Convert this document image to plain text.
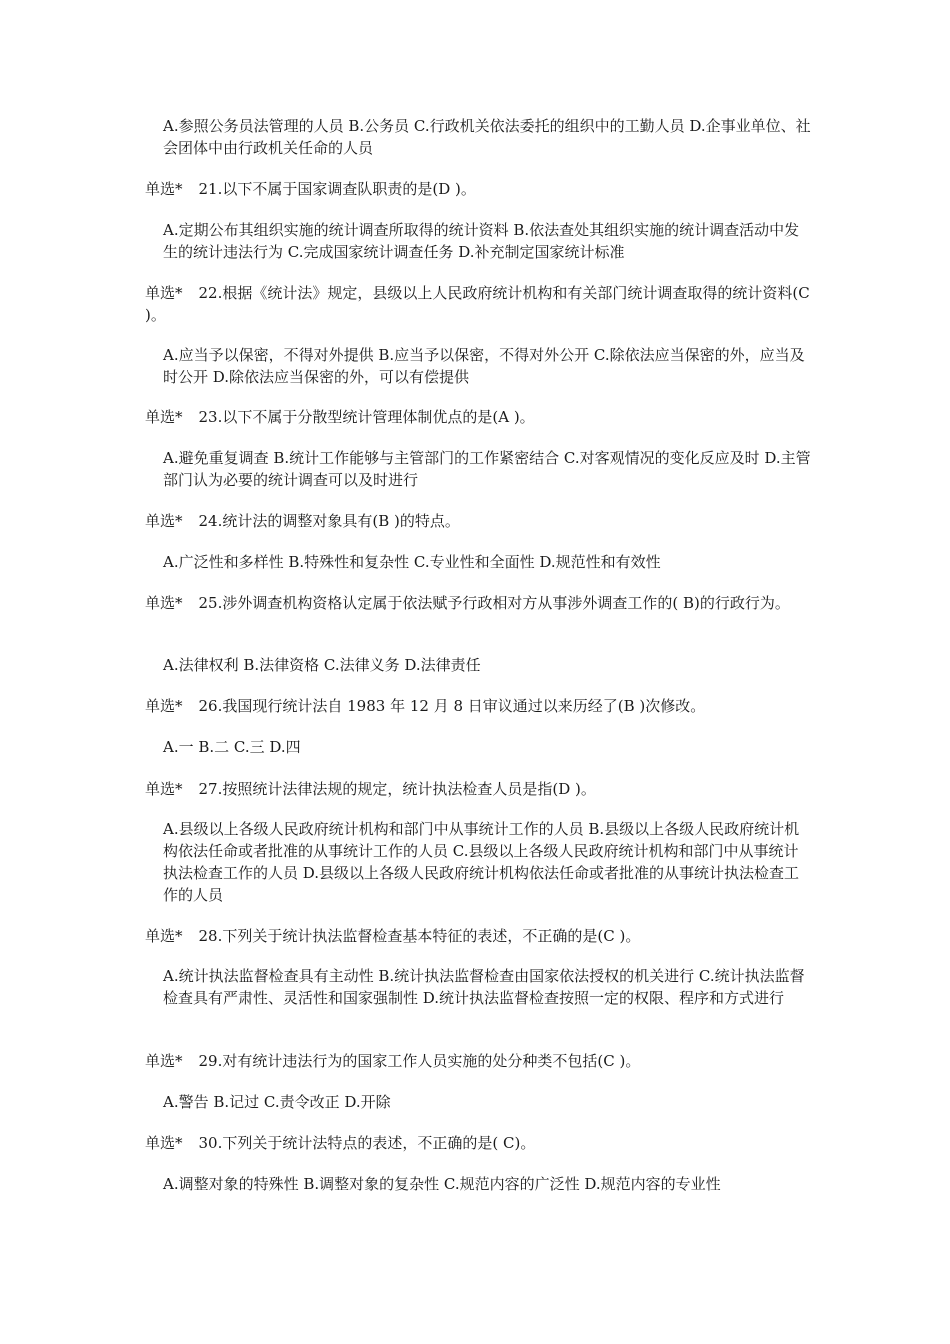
A.参照公务员法管理的人员 B.公务员 C.行政机关依法委托的组织中的工勤人员 D.企事业单位、社会团体中由行政机关任命的人员
单选* 21.以下不属于国家调查队职责的是(D )。
A.定期公布其组织实施的统计调查所取得的统计资料 B.依法查处其组织实施的统计调查活动中发生的统计违法行为 C.完成国家统计调查任务 D.补充制定国家统计标准
单选* 22.根据《统计法》规定，县级以上人民政府统计机构和有关部门统计调查取得的统计资料(C )。
A.应当予以保密，不得对外提供 B.应当予以保密，不得对外公开 C.除依法应当保密的外，应当及时公开 D.除依法应当保密的外，可以有偿提供
单选* 23.以下不属于分散型统计管理体制优点的是(A )。
A.避免重复调查 B.统计工作能够与主管部门的工作紧密结合 C.对客观情况的变化反应及时 D.主管部门认为必要的统计调查可以及时进行
单选* 24.统计法的调整对象具有(B )的特点。
A.广泛性和多样性 B.特殊性和复杂性 C.专业性和全面性 D.规范性和有效性
单选* 25.涉外调查机构资格认定属于依法赋予行政相对方从事涉外调查工作的( B)的行政行为。
A.法律权利 B.法律资格 C.法律义务 D.法律责任
单选* 26.我国现行统计法自 1983 年 12 月 8 日审议通过以来历经了(B )次修改。
A.一 B.二 C.三 D.四
单选* 27.按照统计法律法规的规定，统计执法检查人员是指(D )。
A.县级以上各级人民政府统计机构和部门中从事统计工作的人员 B.县级以上各级人民政府统计机构依法任命或者批准的从事统计工作的人员 C.县级以上各级人民政府统计机构和部门中从事统计执法检查工作的人员 D.县级以上各级人民政府统计机构依法任命或者批准的从事统计执法检查工作的人员
单选* 28.下列关于统计执法监督检查基本特征的表述，不正确的是(C )。
A.统计执法监督检查具有主动性 B.统计执法监督检查由国家依法授权的机关进行 C.统计执法监督检查具有严肃性、灵活性和国家强制性 D.统计执法监督检查按照一定的权限、程序和方式进行
单选* 29.对有统计违法行为的国家工作人员实施的处分种类不包括(C )。
A.警告 B.记过 C.责令改正 D.开除
单选* 30.下列关于统计法特点的表述，不正确的是( C)。
A.调整对象的特殊性 B.调整对象的复杂性 C.规范内容的广泛性 D.规范内容的专业性
